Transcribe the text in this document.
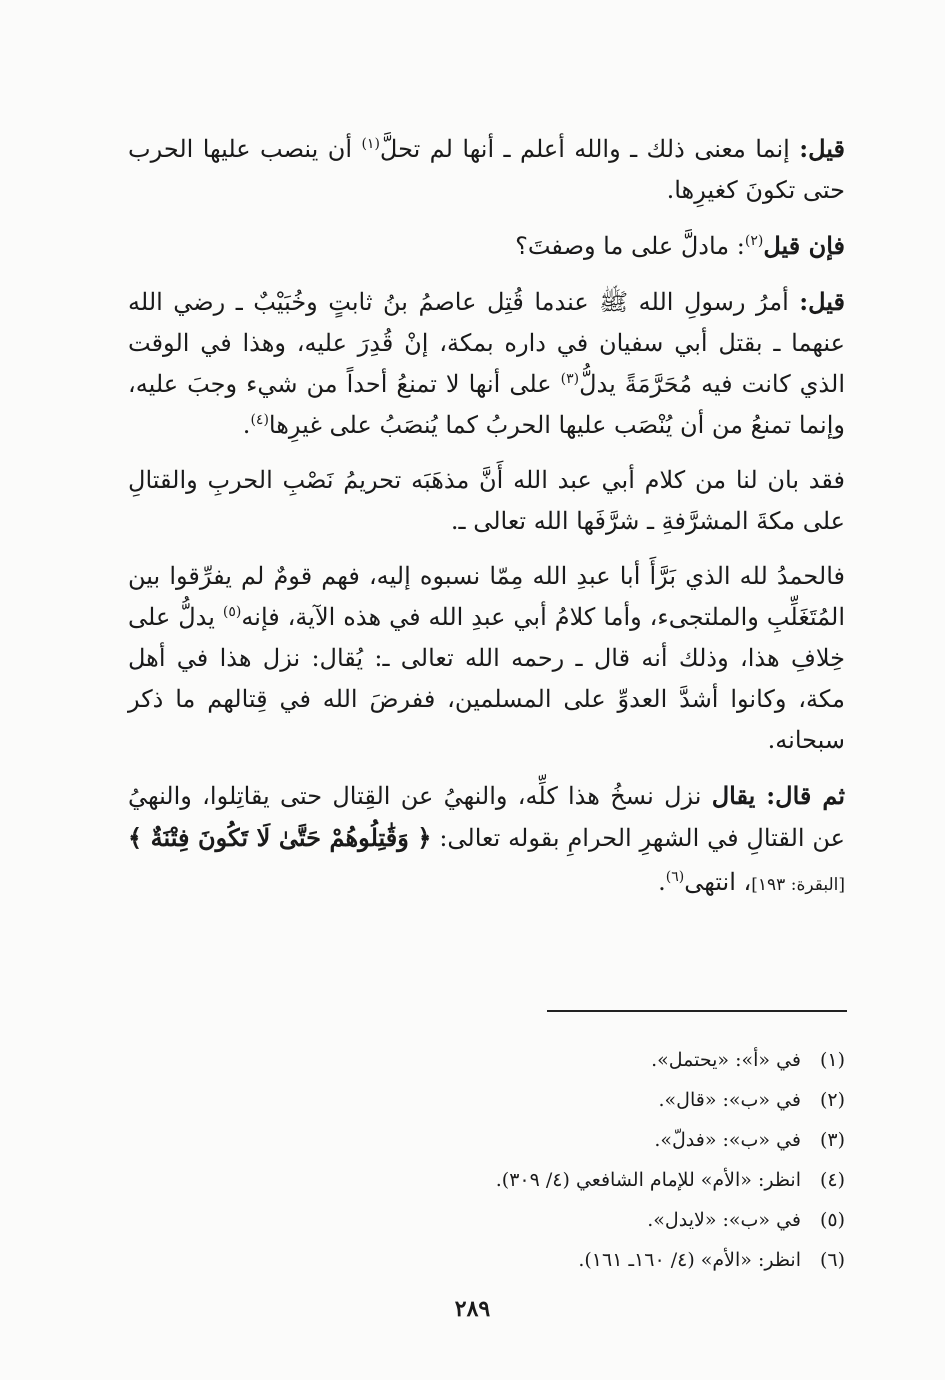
قيل: إنما معنى ذلك ـ والله أعلم ـ أنها لم تحلَّ$^{(١)}$ أن ينصب عليها الحرب حتى تكونَ كغيرِها.

فإن قيل$^{(٢)}$: مادلَّ على ما وصفتَ؟

قيل: أمرُ رسولِ الله ﷺ عندما قُتِل عاصمُ بنُ ثابتٍ وخُبَيْبٌ ـ رضي الله عنهما ـ بقتل أبي سفيان في داره بمكة، إنْ قُدِرَ عليه، وهذا في الوقت الذي كانت فيه مُحَرَّمَةً يدلُّ$^{(٣)}$ على أنها لا تمنعُ أحداً من شيء وجبَ عليه، وإنما تمنعُ من أن يُنْصَب عليها الحربُ كما يُنصَبُ على غيرِها$^{(٤)}$.

فقد بان لنا من كلام أبي عبد الله أَنَّ مذهَبَه تحريمُ نَصْبِ الحربِ والقتالِ على مكةَ المشرَّفةِ ـ شرَّفَها الله تعالى ـ.

فالحمدُ لله الذي بَرَّأَ أبا عبدِ الله مِمّا نسبوه إليه، فهم قومٌ لم يفرِّقوا بين المُتَغَلِّبِ والملتجىء، وأما كلامُ أبي عبدِ الله في هذه الآية، فإنه$^{(٥)}$ يدلُّ على خِلافِ هذا، وذلك أنه قال ـ رحمه الله تعالى ـ: يُقال: نزل هذا في أهل مكة، وكانوا أشدَّ العدوِّ على المسلمين، ففرضَ الله في قِتالهم ما ذكر سبحانه.

ثم قال: يقال نزل نسخُ هذا كلِّه، والنهيُ عن القِتال حتى يقاتِلوا، والنهيُ عن القتالِ في الشهرِ الحرامِ بقوله تعالى: ﴿ وَقَٰتِلُوهُمْ حَتَّىٰ لَا تَكُونَ فِتْنَةٌ ﴾ [البقرة: ١٩٣]، انتهى$^{(٦)}$.

(١)
في «أ»: «يحتمل».
(٢)
في «ب»: «قال».
(٣)
في «ب»: «فدلّ».
(٤)
انظر: «الأم» للإمام الشافعي (٤/ ٣٠٩).
(٥)
في «ب»: «لايدل».
(٦)
انظر: «الأم» (٤/ ١٦٠ـ ١٦١).
٢٨٩
